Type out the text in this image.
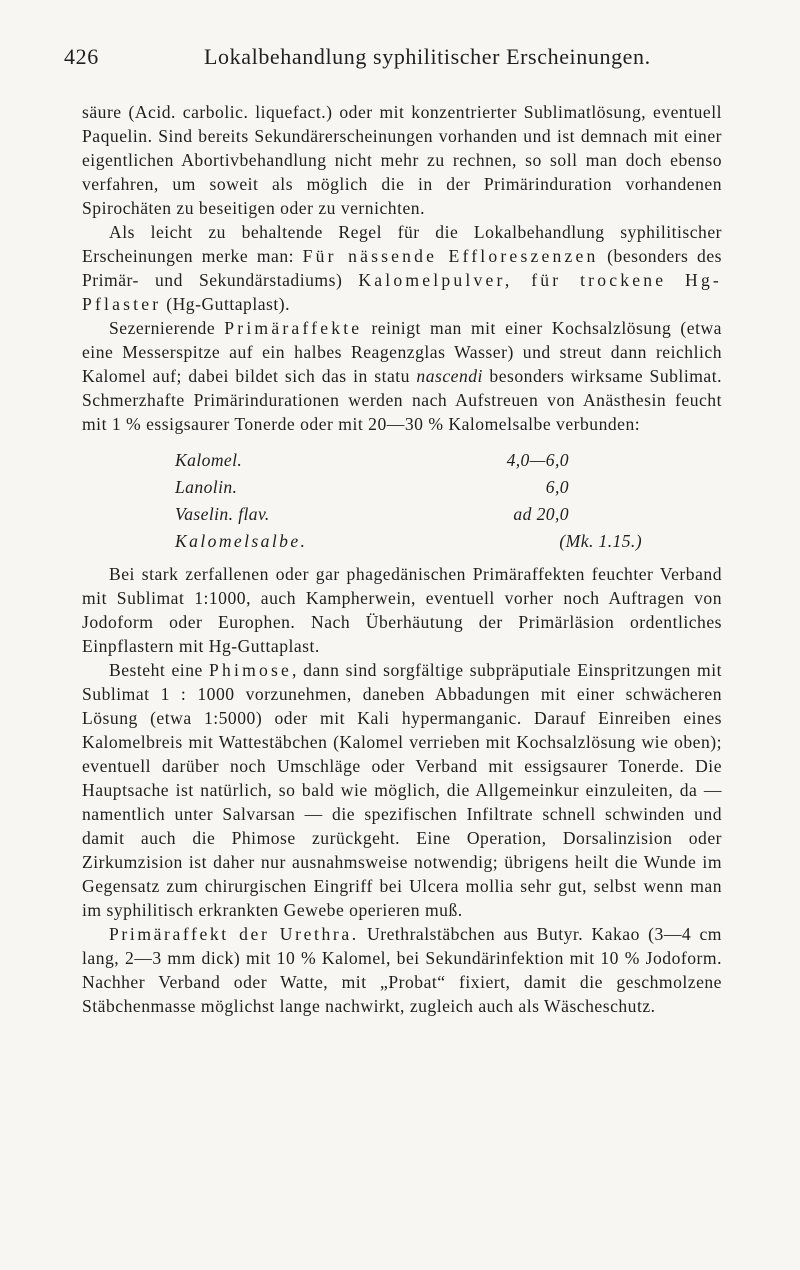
426	Lokalbehandlung syphilitischer Erscheinungen.

säure (Acid. carbolic. liquefact.) oder mit konzentrierter Sublimatlösung, eventuell Paquelin. Sind bereits Sekundärerscheinungen vorhanden und ist demnach mit einer eigentlichen Abortivbehandlung nicht mehr zu rechnen, so soll man doch ebenso verfahren, um soweit als möglich die in der Primärinduration vorhandenen Spirochäten zu beseitigen oder zu vernichten.

Als leicht zu behaltende Regel für die Lokalbehandlung syphilitischer Erscheinungen merke man: Für nässende Effloreszenzen (besonders des Primär- und Sekundärstadiums) Kalomelpulver, für trockene Hg-Pflaster (Hg-Guttaplast).

Sezernierende Primäraffekte reinigt man mit einer Kochsalzlösung (etwa eine Messerspitze auf ein halbes Reagenzglas Wasser) und streut dann reichlich Kalomel auf; dabei bildet sich das in statu nascendi besonders wirksame Sublimat. Schmerzhafte Primärindurationen werden nach Aufstreuen von Anästhesin feucht mit 1 % essigsaurer Tonerde oder mit 20—30 % Kalomelsalbe verbunden:

Kalomel.	4,0—6,0
Lanolin.	6,0
Vaselin. flav.	ad 20,0
Kalomelsalbe.	(Mk. 1.15.)

Bei stark zerfallenen oder gar phagedänischen Primäraffekten feuchter Verband mit Sublimat 1:1000, auch Kampherwein, eventuell vorher noch Auftragen von Jodoform oder Europhen. Nach Überhäutung der Primärläsion ordentliches Einpflastern mit Hg-Guttaplast.

Besteht eine Phimose, dann sind sorgfältige subpräputiale Einspritzungen mit Sublimat 1 : 1000 vorzunehmen, daneben Abbadungen mit einer schwächeren Lösung (etwa 1:5000) oder mit Kali hypermanganic. Darauf Einreiben eines Kalomelbreis mit Wattestäbchen (Kalomel verrieben mit Kochsalzlösung wie oben); eventuell darüber noch Umschläge oder Verband mit essigsaurer Tonerde. Die Hauptsache ist natürlich, so bald wie möglich, die Allgemeinkur einzuleiten, da — namentlich unter Salvarsan — die spezifischen Infiltrate schnell schwinden und damit auch die Phimose zurückgeht. Eine Operation, Dorsalinzision oder Zirkumzision ist daher nur ausnahmsweise notwendig; übrigens heilt die Wunde im Gegensatz zum chirurgischen Eingriff bei Ulcera mollia sehr gut, selbst wenn man im syphilitisch erkrankten Gewebe operieren muß.

Primäraffekt der Urethra. Urethralstäbchen aus Butyr. Kakao (3—4 cm lang, 2—3 mm dick) mit 10 % Kalomel, bei Sekundärinfektion mit 10 % Jodoform. Nachher Verband oder Watte, mit „Probat“ fixiert, damit die geschmolzene Stäbchenmasse möglichst lange nachwirkt, zugleich auch als Wäscheschutz.
